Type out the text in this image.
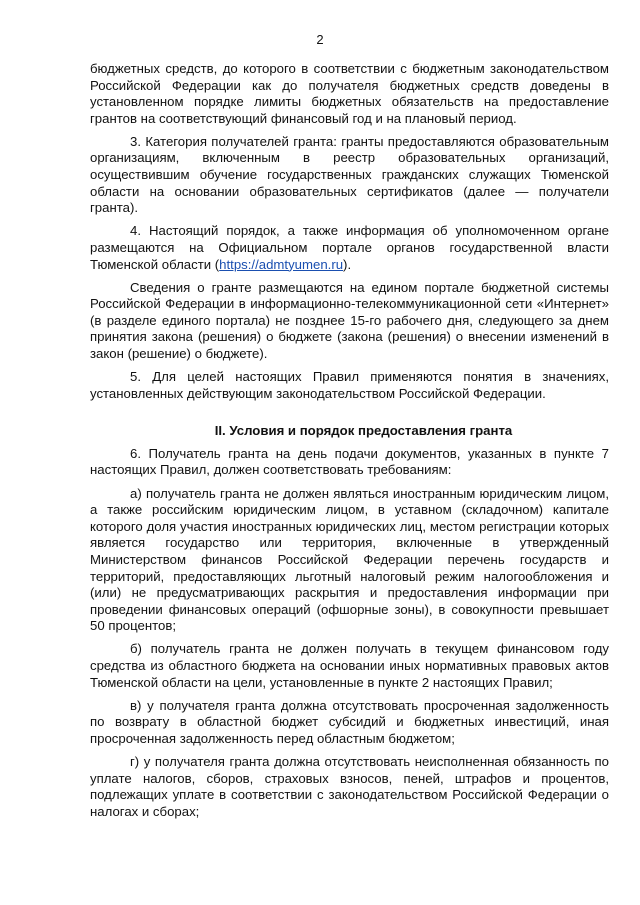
2

бюджетных средств, до которого в соответствии с бюджетным законодательством Российской Федерации как до получателя бюджетных средств доведены в установленном порядке лимиты бюджетных обязательств на предоставление грантов на соответствующий финансовый год и на плановый период.

3. Категория получателей гранта: гранты предоставляются образовательным организациям, включенным в реестр образовательных организаций, осуществившим обучение государственных гражданских служащих Тюменской области на основании образовательных сертификатов (далее — получатели гранта).

4. Настоящий порядок, а также информация об уполномоченном органе размещаются на Официальном портале органов государственной власти Тюменской области (https://admtyumen.ru).

Сведения о гранте размещаются на едином портале бюджетной системы Российской Федерации в информационно-телекоммуникационной сети «Интернет» (в разделе единого портала) не позднее 15-го рабочего дня, следующего за днем принятия закона (решения) о бюджете (закона (решения) о внесении изменений в закон (решение) о бюджете).

5. Для целей настоящих Правил применяются понятия в значениях, установленных действующим законодательством Российской Федерации.

II. Условия и порядок предоставления гранта

6. Получатель гранта на день подачи документов, указанных в пункте 7 настоящих Правил, должен соответствовать требованиям:

а) получатель гранта не должен являться иностранным юридическим лицом, а также российским юридическим лицом, в уставном (складочном) капитале которого доля участия иностранных юридических лиц, местом регистрации которых является государство или территория, включенные в утвержденный Министерством финансов Российской Федерации перечень государств и территорий, предоставляющих льготный налоговый режим налогообложения и (или) не предусматривающих раскрытия и предоставления информации при проведении финансовых операций (офшорные зоны), в совокупности превышает 50 процентов;

б) получатель гранта не должен получать в текущем финансовом году средства из областного бюджета на основании иных нормативных правовых актов Тюменской области на цели, установленные в пункте 2 настоящих Правил;

в) у получателя гранта должна отсутствовать просроченная задолженность по возврату в областной бюджет субсидий и бюджетных инвестиций, иная просроченная задолженность перед областным бюджетом;

г) у получателя гранта должна отсутствовать неисполненная обязанность по уплате налогов, сборов, страховых взносов, пеней, штрафов и процентов, подлежащих уплате в соответствии с законодательством Российской Федерации о налогах и сборах;
